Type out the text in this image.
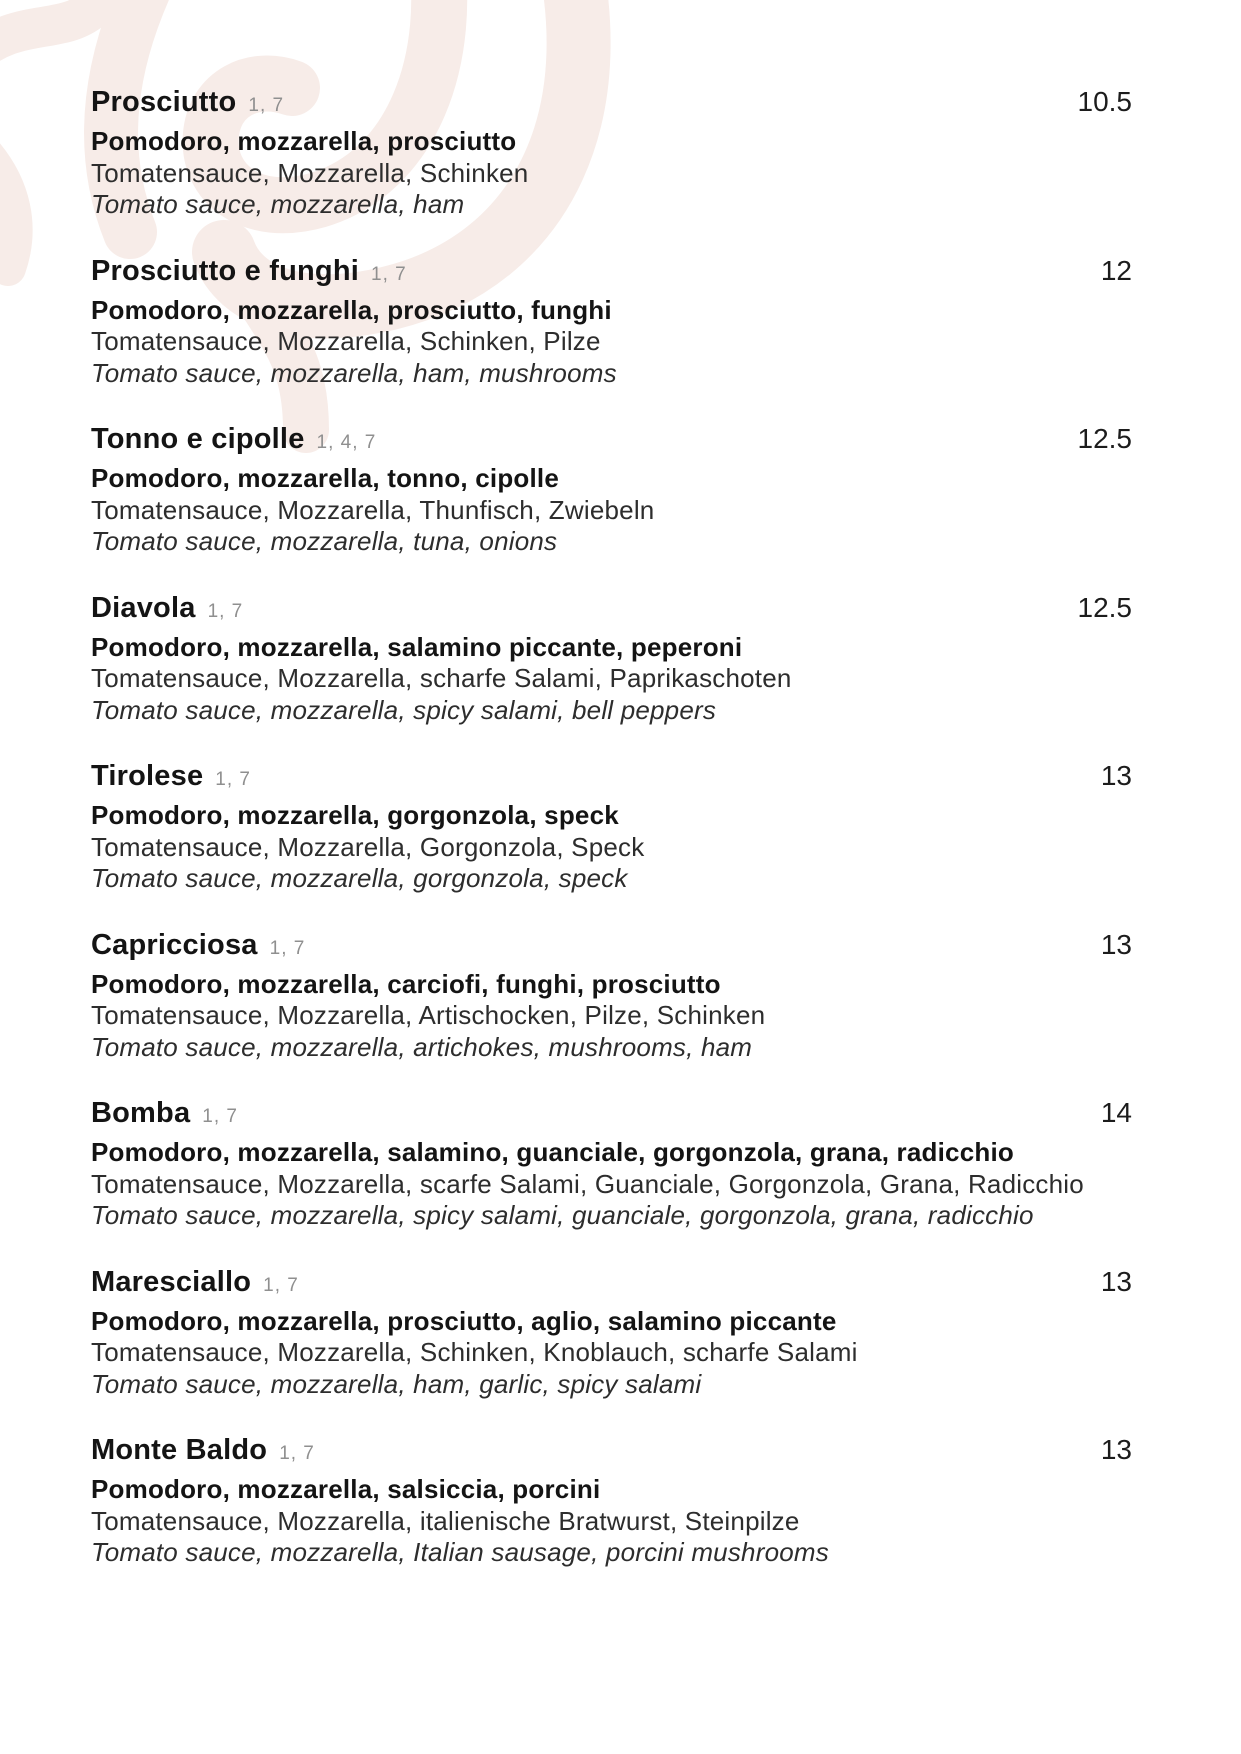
Prosciutto 1, 7	10.5
Pomodoro, mozzarella, prosciutto
Tomatensauce, Mozzarella, Schinken
Tomato sauce, mozzarella, ham
Prosciutto e funghi 1, 7	12
Pomodoro, mozzarella, prosciutto, funghi
Tomatensauce, Mozzarella, Schinken, Pilze
Tomato sauce, mozzarella, ham, mushrooms
Tonno e cipolle 1, 4, 7	12.5
Pomodoro, mozzarella, tonno, cipolle
Tomatensauce, Mozzarella, Thunfisch, Zwiebeln
Tomato sauce, mozzarella, tuna, onions
Diavola 1, 7	12.5
Pomodoro, mozzarella, salamino piccante, peperoni
Tomatensauce, Mozzarella, scharfe Salami, Paprikaschoten
Tomato sauce, mozzarella, spicy salami, bell peppers
Tirolese 1, 7	13
Pomodoro, mozzarella, gorgonzola, speck
Tomatensauce, Mozzarella, Gorgonzola, Speck
Tomato sauce, mozzarella, gorgonzola, speck
Capricciosa 1, 7	13
Pomodoro, mozzarella, carciofi, funghi, prosciutto
Tomatensauce, Mozzarella, Artischocken, Pilze, Schinken
Tomato sauce, mozzarella, artichokes, mushrooms, ham
Bomba 1, 7	14
Pomodoro, mozzarella, salamino, guanciale, gorgonzola, grana, radicchio
Tomatensauce, Mozzarella, scarfe Salami, Guanciale, Gorgonzola, Grana, Radicchio
Tomato sauce, mozzarella, spicy salami, guanciale, gorgonzola, grana, radicchio
Maresciallo 1, 7	13
Pomodoro, mozzarella, prosciutto, aglio, salamino piccante
Tomatensauce, Mozzarella, Schinken, Knoblauch, scharfe Salami
Tomato sauce, mozzarella, ham, garlic, spicy salami
Monte Baldo 1, 7	13
Pomodoro, mozzarella, salsiccia, porcini
Tomatensauce, Mozzarella, italienische Bratwurst, Steinpilze
Tomato sauce, mozzarella, Italian sausage, porcini mushrooms
